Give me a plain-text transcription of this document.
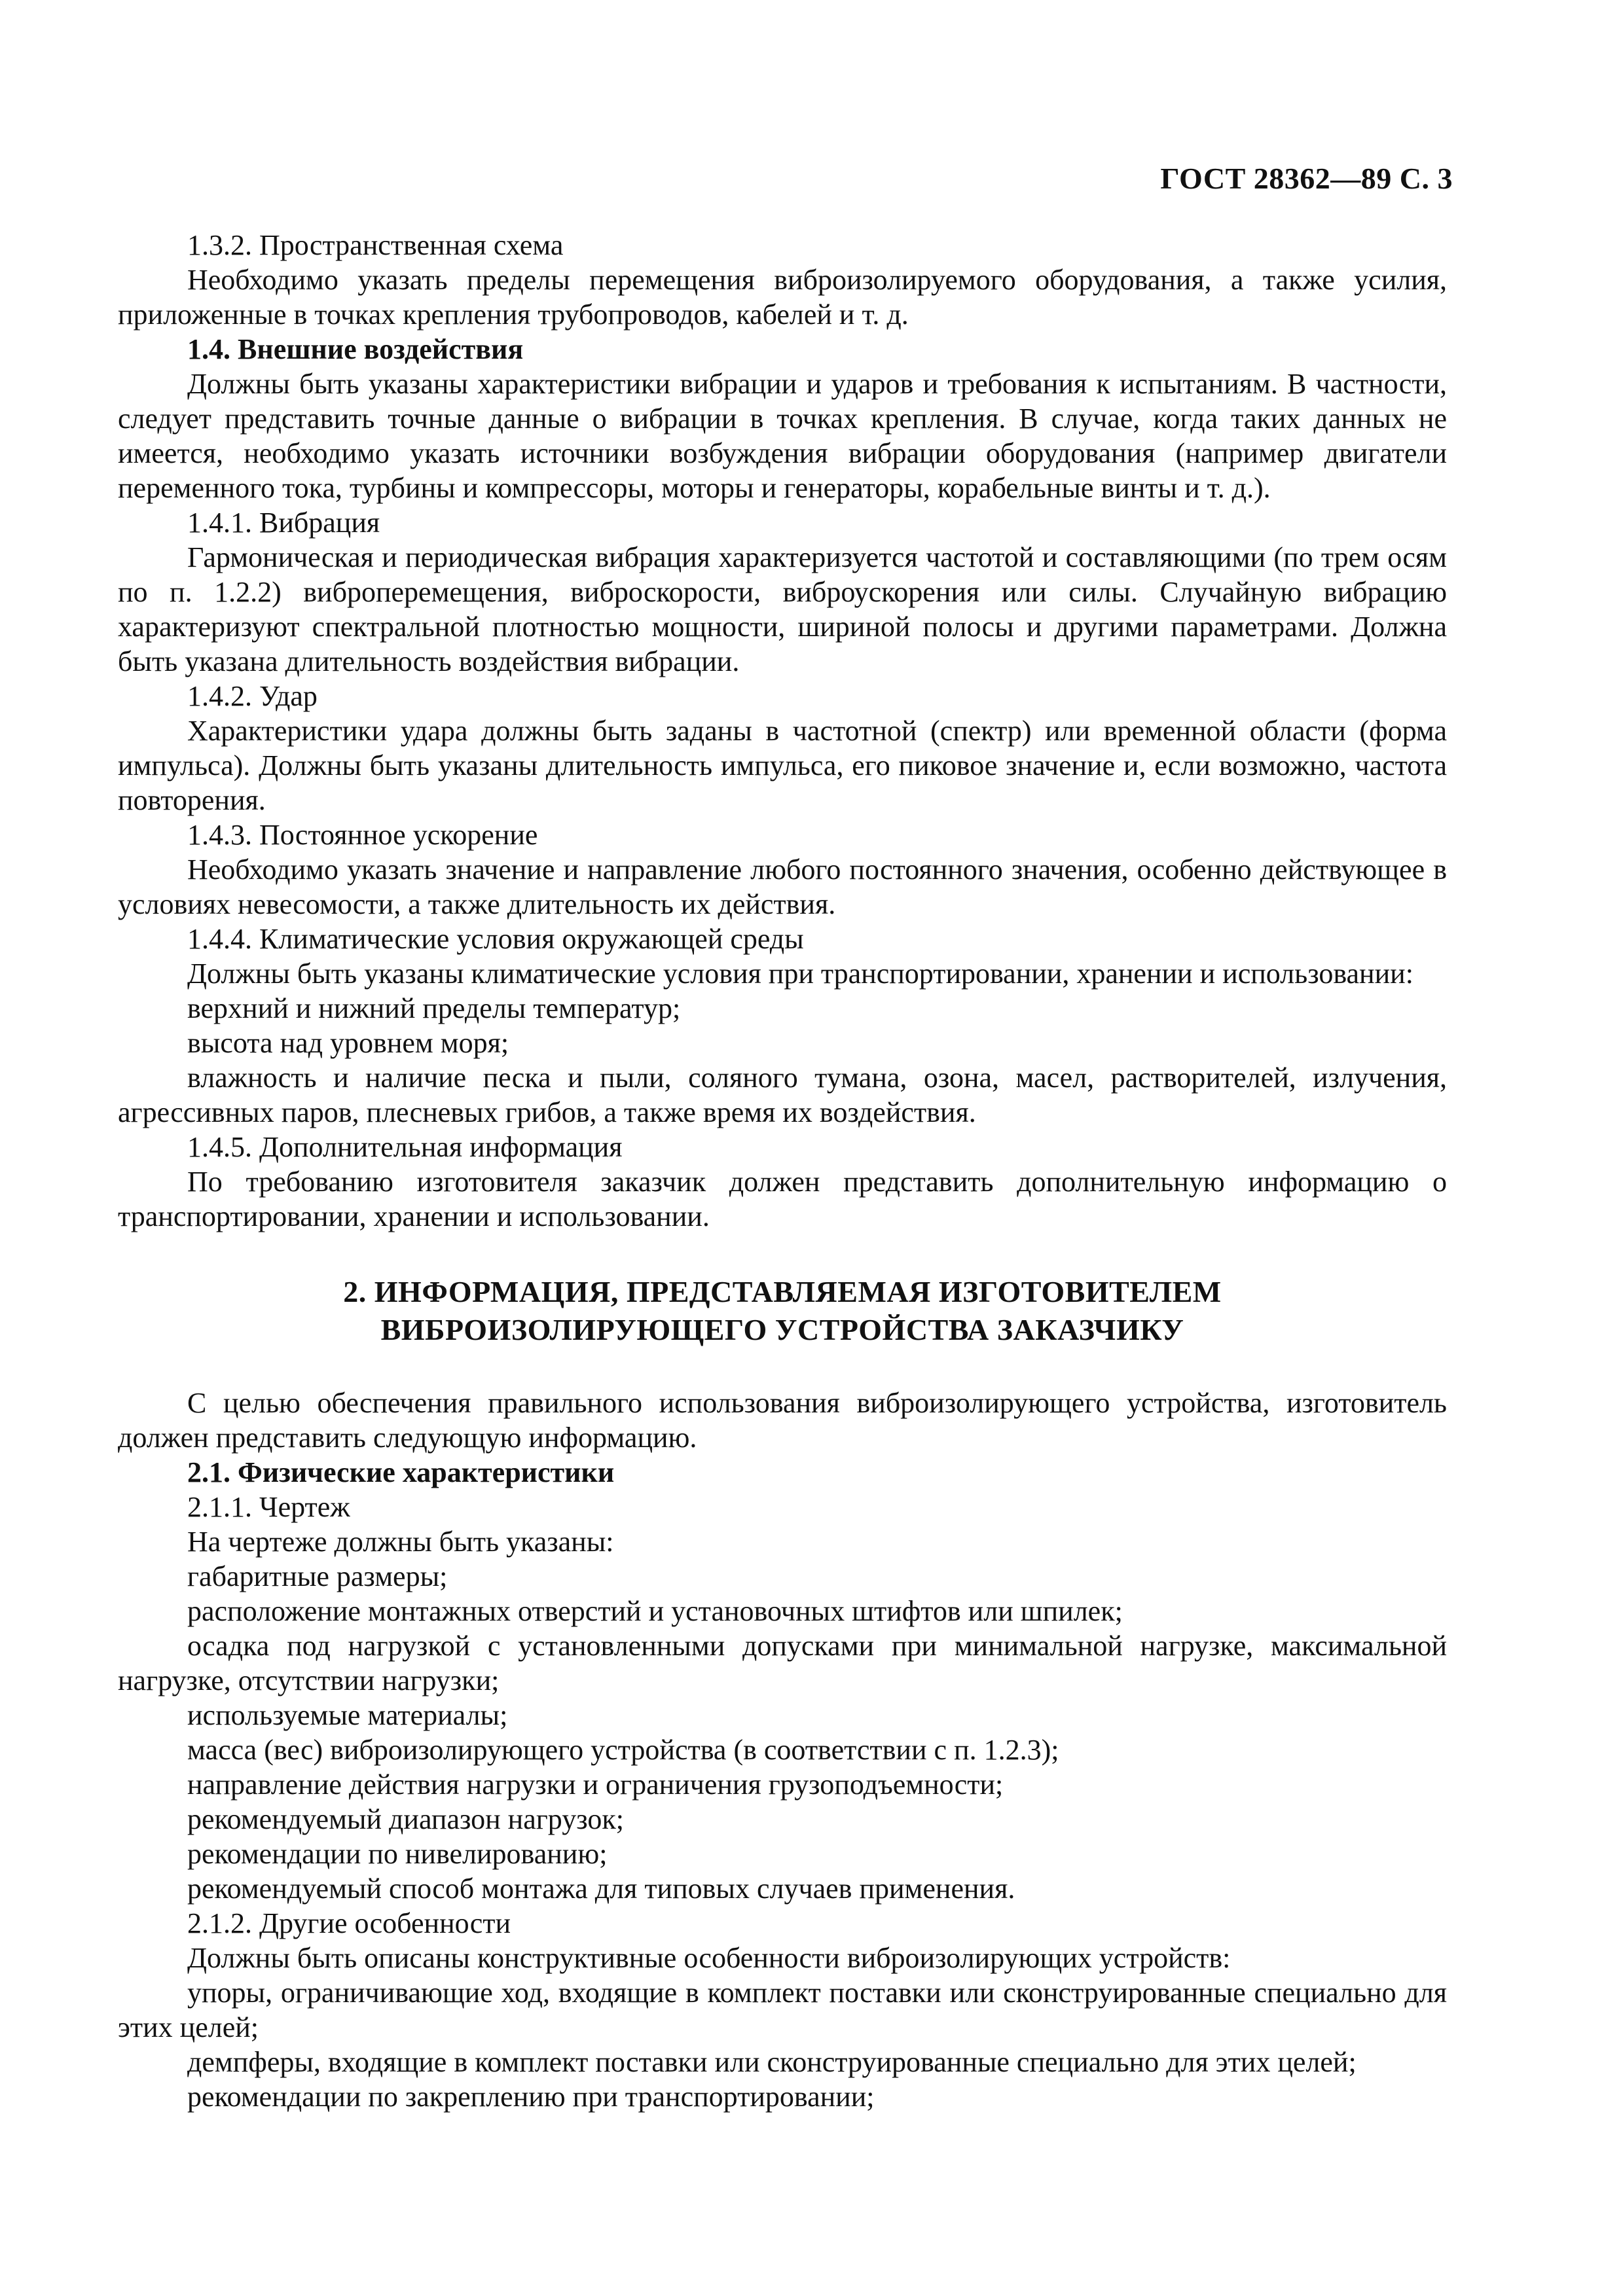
ГОСТ 28362—89 С. 3

1.3.2. Пространственная схема

Необходимо указать пределы перемещения виброизолируемого оборудования, а также усилия, приложенные в точках крепления трубопроводов, кабелей и т. д.

1.4. Внешние воздействия

Должны быть указаны характеристики вибрации и ударов и требования к испытаниям. В частности, следует представить точные данные о вибрации в точках крепления. В случае, когда таких данных не имеется, необходимо указать источники возбуждения вибрации оборудования (например двигатели переменного тока, турбины и компрессоры, моторы и генераторы, корабельные винты и т. д.).

1.4.1. Вибрация

Гармоническая и периодическая вибрация характеризуется частотой и составляющими (по трем осям по п. 1.2.2) виброперемещения, виброскорости, виброускорения или силы. Случайную вибрацию характеризуют спектральной плотностью мощности, шириной полосы и другими параметрами. Должна быть указана длительность воздействия вибрации.

1.4.2. Удар

Характеристики удара должны быть заданы в частотной (спектр) или временной области (форма импульса). Должны быть указаны длительность импульса, его пиковое значение и, если возможно, частота повторения.

1.4.3. Постоянное ускорение

Необходимо указать значение и направление любого постоянного значения, особенно действующее в условиях невесомости, а также длительность их действия.

1.4.4. Климатические условия окружающей среды

Должны быть указаны климатические условия при транспортировании, хранении и использовании:

верхний и нижний пределы температур;

высота над уровнем моря;

влажность и наличие песка и пыли, соляного тумана, озона, масел, растворителей, излучения, агрессивных паров, плесневых грибов, а также время их воздействия.

1.4.5. Дополнительная информация

По требованию изготовителя заказчик должен представить дополнительную информацию о транспортировании, хранении и использовании.

2. ИНФОРМАЦИЯ, ПРЕДСТАВЛЯЕМАЯ ИЗГОТОВИТЕЛЕМ
ВИБРОИЗОЛИРУЮЩЕГО УСТРОЙСТВА ЗАКАЗЧИКУ

С целью обеспечения правильного использования виброизолирующего устройства, изготовитель должен представить следующую информацию.

2.1. Физические характеристики

2.1.1. Чертеж

На чертеже должны быть указаны:

габаритные размеры;

расположение монтажных отверстий и установочных штифтов или шпилек;

осадка под нагрузкой с установленными допусками при минимальной нагрузке, максимальной нагрузке, отсутствии нагрузки;

используемые материалы;

масса (вес) виброизолирующего устройства (в соответствии с п. 1.2.3);

направление действия нагрузки и ограничения грузоподъемности;

рекомендуемый диапазон нагрузок;

рекомендации по нивелированию;

рекомендуемый способ монтажа для типовых случаев применения.

2.1.2. Другие особенности

Должны быть описаны конструктивные особенности виброизолирующих устройств:

упоры, ограничивающие ход, входящие в комплект поставки или сконструированные специально для этих целей;

демпферы, входящие в комплект поставки или сконструированные специально для этих целей;

рекомендации по закреплению при транспортировании;
